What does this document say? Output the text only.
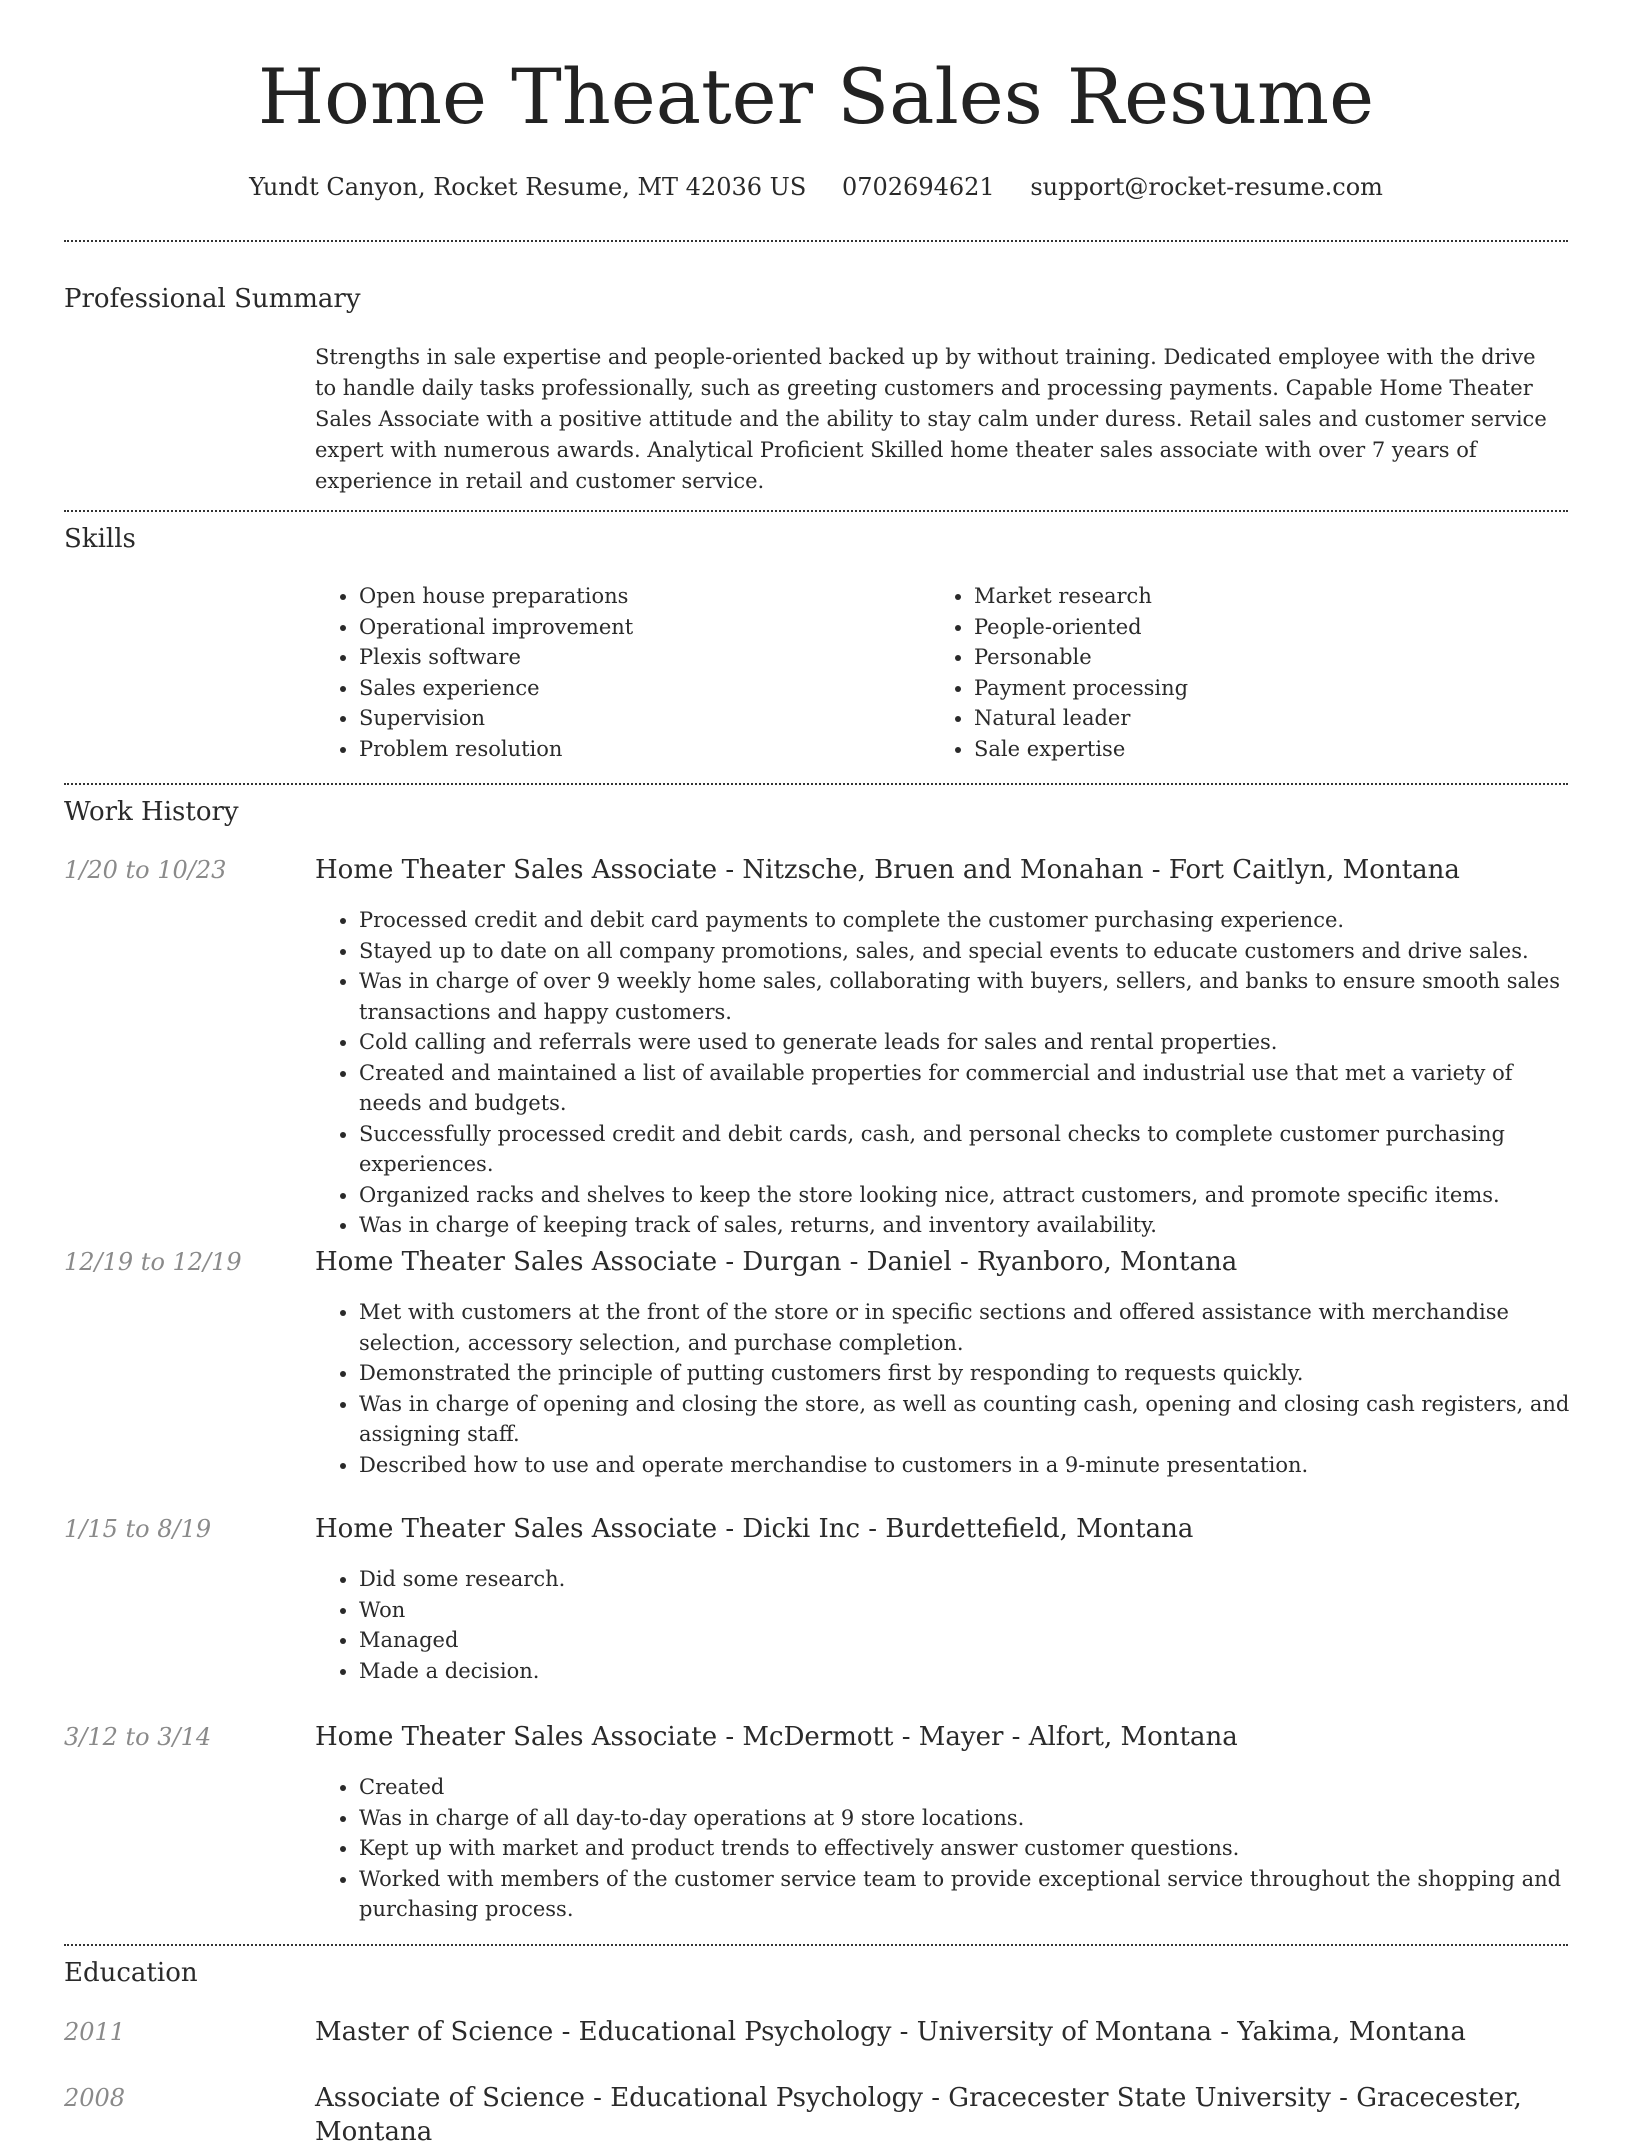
Home Theater Sales Resume
Yundt Canyon, Rocket Resume, MT 42036 US 0702694621 support@rocket-resume.com
Professional Summary

Strengths in sale expertise and people-oriented backed up by without training. Dedicated employee with the drive to handle daily tasks professionally, such as greeting customers and processing payments. Capable Home Theater Sales Associate with a positive attitude and the ability to stay calm under duress. Retail sales and customer service expert with numerous awards. Analytical Proficient Skilled home theater sales associate with over 7 years of experience in retail and customer service.

Skills
• Open house preparations
• Operational improvement
• Plexis software
• Sales experience
• Supervision
• Problem resolution
• Market research
• People-oriented
• Personable
• Payment processing
• Natural leader
• Sale expertise
Work History
1/20 to 10/23	Home Theater Sales Associate - Nitzsche, Bruen and Monahan - Fort Caitlyn, Montana
• Processed credit and debit card payments to complete the customer purchasing experience.
• Stayed up to date on all company promotions, sales, and special events to educate customers and drive sales.
• Was in charge of over 9 weekly home sales, collaborating with buyers, sellers, and banks to ensure smooth sales transactions and happy customers.
• Cold calling and referrals were used to generate leads for sales and rental properties.
• Created and maintained a list of available properties for commercial and industrial use that met a variety of needs and budgets.
• Successfully processed credit and debit cards, cash, and personal checks to complete customer purchasing experiences.
• Organized racks and shelves to keep the store looking nice, attract customers, and promote specific items.
• Was in charge of keeping track of sales, returns, and inventory availability.
12/19 to 12/19	Home Theater Sales Associate - Durgan - Daniel - Ryanboro, Montana
• Met with customers at the front of the store or in specific sections and offered assistance with merchandise selection, accessory selection, and purchase completion.
• Demonstrated the principle of putting customers first by responding to requests quickly.
• Was in charge of opening and closing the store, as well as counting cash, opening and closing cash registers, and assigning staff.
• Described how to use and operate merchandise to customers in a 9-minute presentation.
1/15 to 8/19	Home Theater Sales Associate - Dicki Inc - Burdettefield, Montana
• Did some research.
• Won
• Managed
• Made a decision.
3/12 to 3/14	Home Theater Sales Associate - McDermott - Mayer - Alfort, Montana
• Created
• Was in charge of all day-to-day operations at 9 store locations.
• Kept up with market and product trends to effectively answer customer questions.
• Worked with members of the customer service team to provide exceptional service throughout the shopping and purchasing process.
Education
2011	Master of Science - Educational Psychology - University of Montana - Yakima, Montana
2008	Associate of Science - Educational Psychology - Gracecester State University - Gracecester, Montana
